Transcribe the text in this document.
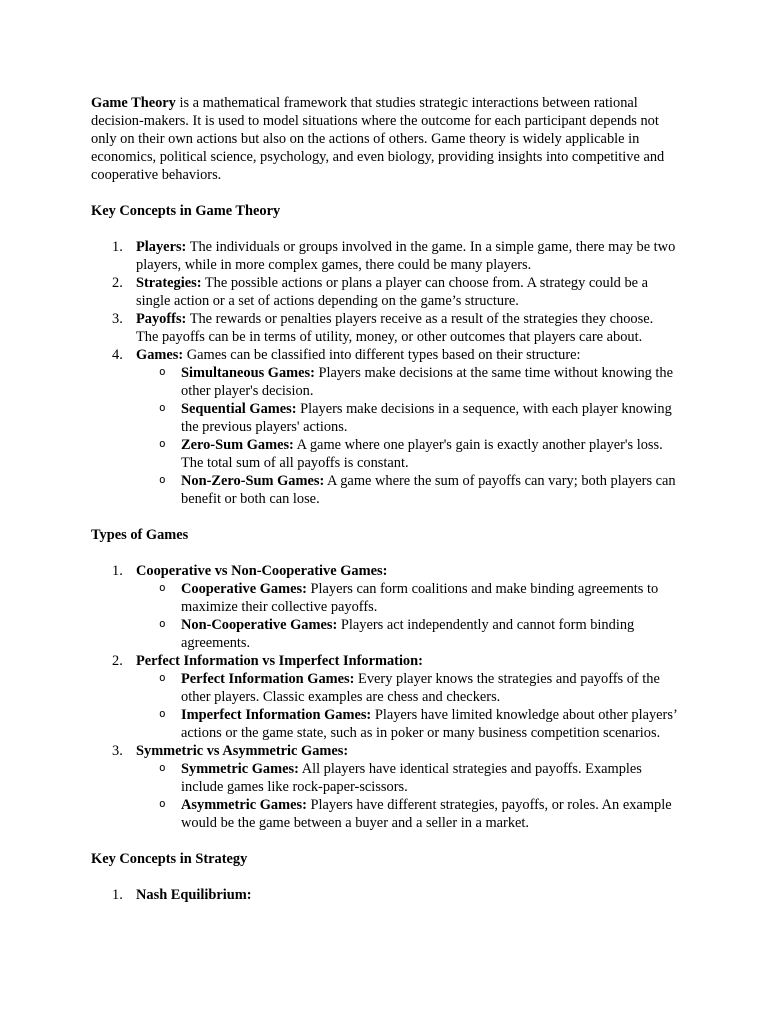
Game Theory is a mathematical framework that studies strategic interactions between rational decision-makers. It is used to model situations where the outcome for each participant depends not only on their own actions but also on the actions of others. Game theory is widely applicable in economics, political science, psychology, and even biology, providing insights into competitive and cooperative behaviors.

Key Concepts in Game Theory

Players: The individuals or groups involved in the game. In a simple game, there may be two players, while in more complex games, there could be many players.
Strategies: The possible actions or plans a player can choose from. A strategy could be a single action or a set of actions depending on the game’s structure.
Payoffs: The rewards or penalties players receive as a result of the strategies they choose. The payoffs can be in terms of utility, money, or other outcomes that players care about.
Games: Games can be classified into different types based on their structure:
o Simultaneous Games: Players make decisions at the same time without knowing the other player's decision.
o Sequential Games: Players make decisions in a sequence, with each player knowing the previous players' actions.
o Zero-Sum Games: A game where one player's gain is exactly another player's loss. The total sum of all payoffs is constant.
o Non-Zero-Sum Games: A game where the sum of payoffs can vary; both players can benefit or both can lose.

Types of Games

Cooperative vs Non-Cooperative Games:
o Cooperative Games: Players can form coalitions and make binding agreements to maximize their collective payoffs.
o Non-Cooperative Games: Players act independently and cannot form binding agreements.
Perfect Information vs Imperfect Information:
o Perfect Information Games: Every player knows the strategies and payoffs of the other players. Classic examples are chess and checkers.
o Imperfect Information Games: Players have limited knowledge about other players’ actions or the game state, such as in poker or many business competition scenarios.
Symmetric vs Asymmetric Games:
o Symmetric Games: All players have identical strategies and payoffs. Examples include games like rock-paper-scissors.
o Asymmetric Games: Players have different strategies, payoffs, or roles. An example would be the game between a buyer and a seller in a market.

Key Concepts in Strategy

Nash Equilibrium:
